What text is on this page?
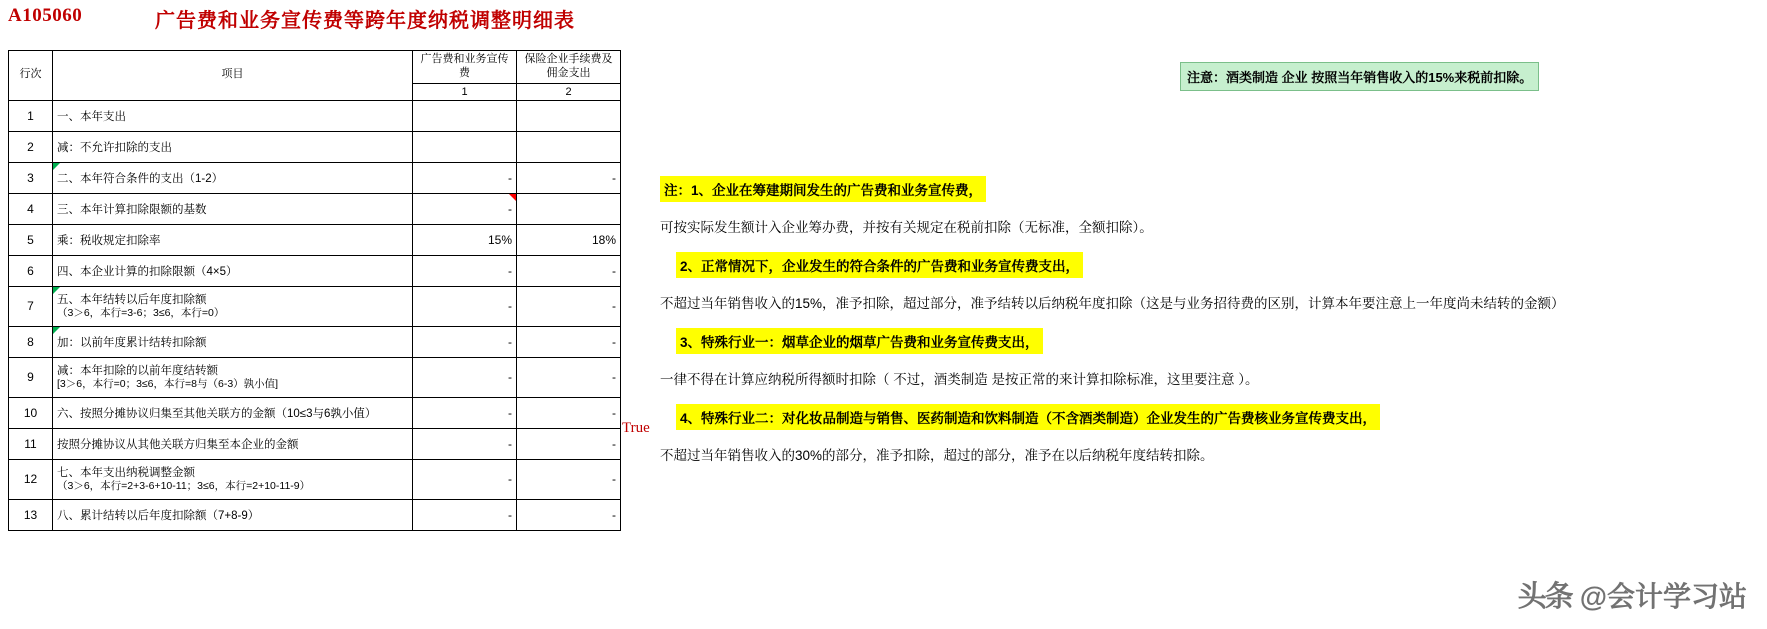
A105060	广告费和业务宣传费等跨年度纳税调整明细表
行次	项目	广告费和业务宣传费	保险企业手续费及佣金支出
		1	2
1	一、本年支出		
2	减：不允许扣除的支出		
3	二、本年符合条件的支出（1-2）	-	-
4	三、本年计算扣除限额的基数	-	
5	乘：税收规定扣除率	15%	18%
6	四、本企业计算的扣除限额（4×5）	-	-
7	五、本年结转以后年度扣除额
（3＞6，本行=3-6；3≤6，本行=0）	-	-
8	加：以前年度累计结转扣除额	-	-
9	减：本年扣除的以前年度结转额
[3＞6，本行=0；3≤6，本行=8与（6-3）孰小值]	-	-
10	六、按照分摊协议归集至其他关联方的金额（10≤3与6孰小值）	-	-
11	按照分摊协议从其他关联方归集至本企业的金额	-	-
12	七、本年支出纳税调整金额
（3＞6，本行=2+3-6+10-11；3≤6，本行=2+10-11-9）	-	-
13	八、累计结转以后年度扣除额（7+8-9）	-	-
True
注：1、企业在筹建期间发生的广告费和业务宣传费，
可按实际发生额计入企业筹办费，并按有关规定在税前扣除（无标准，全额扣除）。
2、正常情况下，企业发生的符合条件的广告费和业务宣传费支出，
不超过当年销售收入的15%，准予扣除，超过部分，准予结转以后纳税年度扣除（这是与业务招待费的区别，计算本年要注意上一年度尚未结转的金额）
3、特殊行业一：烟草企业的烟草广告费和业务宣传费支出，
一律不得在计算应纳税所得额时扣除（ 不过，酒类制造 是按正常的来计算扣除标准，这里要注意 ）。
4、特殊行业二：对化妆品制造与销售、医药制造和饮料制造（不含酒类制造）企业发生的广告费核业务宣传费支出，
不超过当年销售收入的30%的部分，准予扣除，超过的部分，准予在以后纳税年度结转扣除。
注意：酒类制造 企业 按照当年销售收入的15%来税前扣除。
头条 @会计学习站
